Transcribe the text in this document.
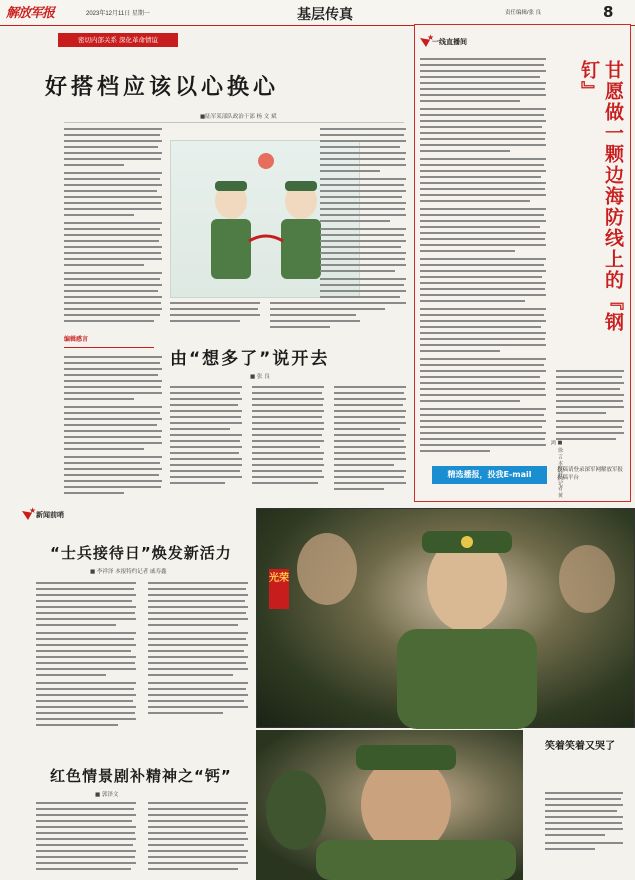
解放军报	2023年12月11日 星期一	基层传真	责任编辑/张 良	8
密切内部关系 深化革命情谊
好搭档应该以心换心
■陆军某部队政治干部 杨 文 斌
编辑感言
由“想多了”说开去
■ 张 良
★
一线直播间
甘愿做一颗边海防线上的『钢钉』
■ 徐 言 本报特约记者 黄 鸿
精选播报，投我E-mail	投稿请登录深军网解放军报投稿平台
★
新闻前哨
“士兵接待日”焕发新活力
■ 李祥泽 本报特约记者 戚寿鑫
光荣
笑着笑着又哭了
红色情景剧补精神之“钙”
■ 郭泽文
